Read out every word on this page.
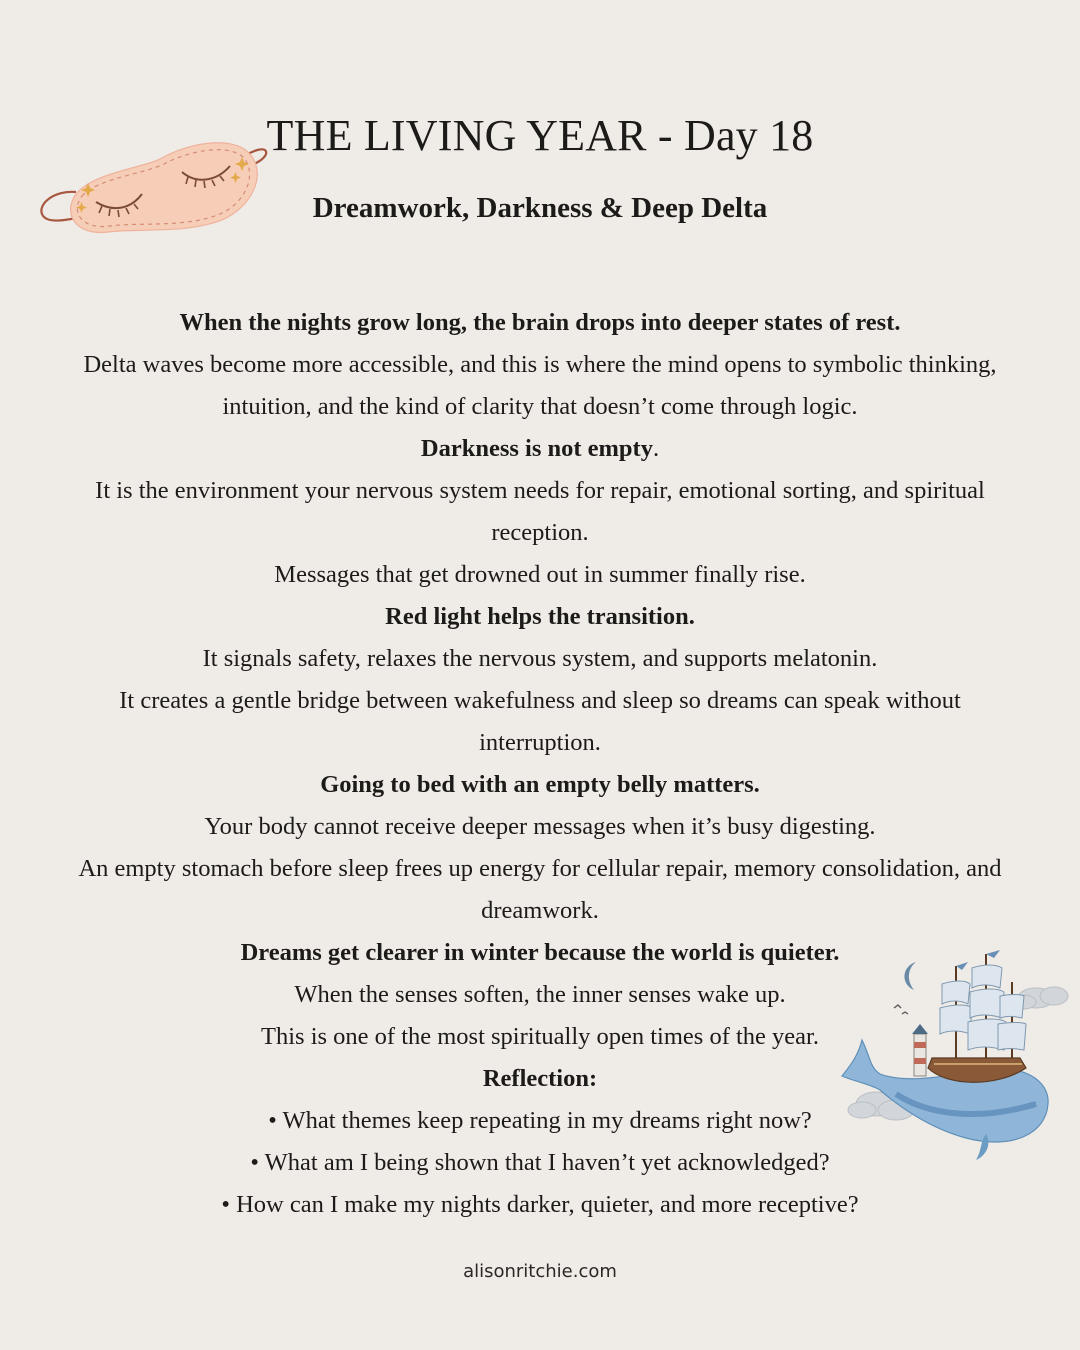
THE LIVING YEAR - Day 18
Dreamwork, Darkness & Deep Delta

When the nights grow long, the brain drops into deeper states of rest.

Delta waves become more accessible, and this is where the mind opens to symbolic thinking,

intuition, and the kind of clarity that doesn’t come through logic.

Darkness is not empty.

It is the environment your nervous system needs for repair, emotional sorting, and spiritual

reception.

Messages that get drowned out in summer finally rise.

Red light helps the transition.

It signals safety, relaxes the nervous system, and supports melatonin.

It creates a gentle bridge between wakefulness and sleep so dreams can speak without

interruption.

Going to bed with an empty belly matters.

Your body cannot receive deeper messages when it’s busy digesting.

An empty stomach before sleep frees up energy for cellular repair, memory consolidation, and

dreamwork.

Dreams get clearer in winter because the world is quieter.

When the senses soften, the inner senses wake up.

This is one of the most spiritually open times of the year.

Reflection:

• What themes keep repeating in my dreams right now?

• What am I being shown that I haven’t yet acknowledged?

• How can I make my nights darker, quieter, and more receptive?

alisonritchie.com
